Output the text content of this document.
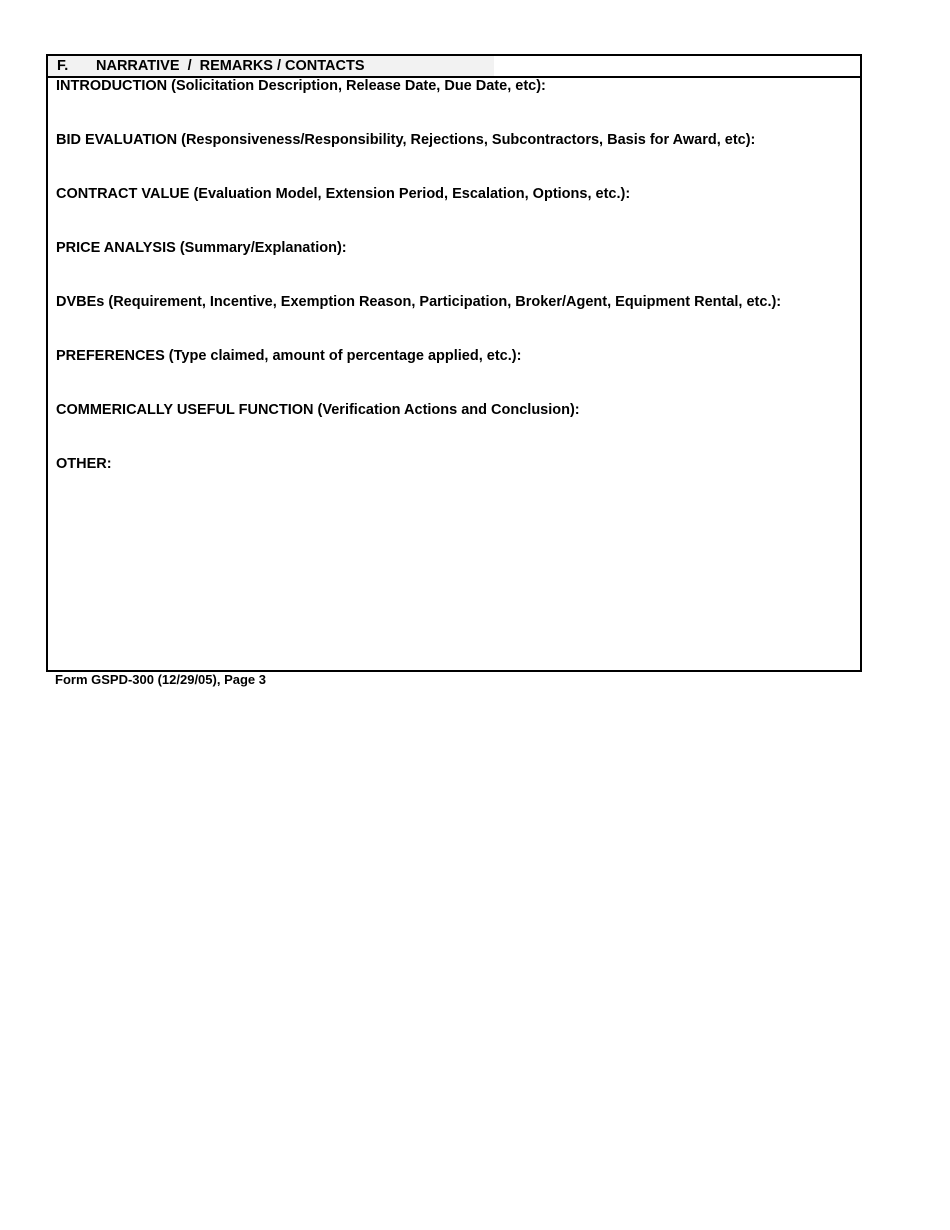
F. NARRATIVE  /  REMARKS / CONTACTS
INTRODUCTION (Solicitation Description, Release Date, Due Date, etc):
BID EVALUATION (Responsiveness/Responsibility, Rejections, Subcontractors, Basis for Award, etc):
CONTRACT VALUE (Evaluation Model, Extension Period, Escalation, Options, etc.):
PRICE ANALYSIS (Summary/Explanation):
DVBEs (Requirement, Incentive, Exemption Reason, Participation, Broker/Agent, Equipment Rental, etc.):
PREFERENCES (Type claimed, amount of percentage applied, etc.):
COMMERICALLY USEFUL FUNCTION (Verification Actions and Conclusion):
OTHER:
Form GSPD-300 (12/29/05), Page 3
